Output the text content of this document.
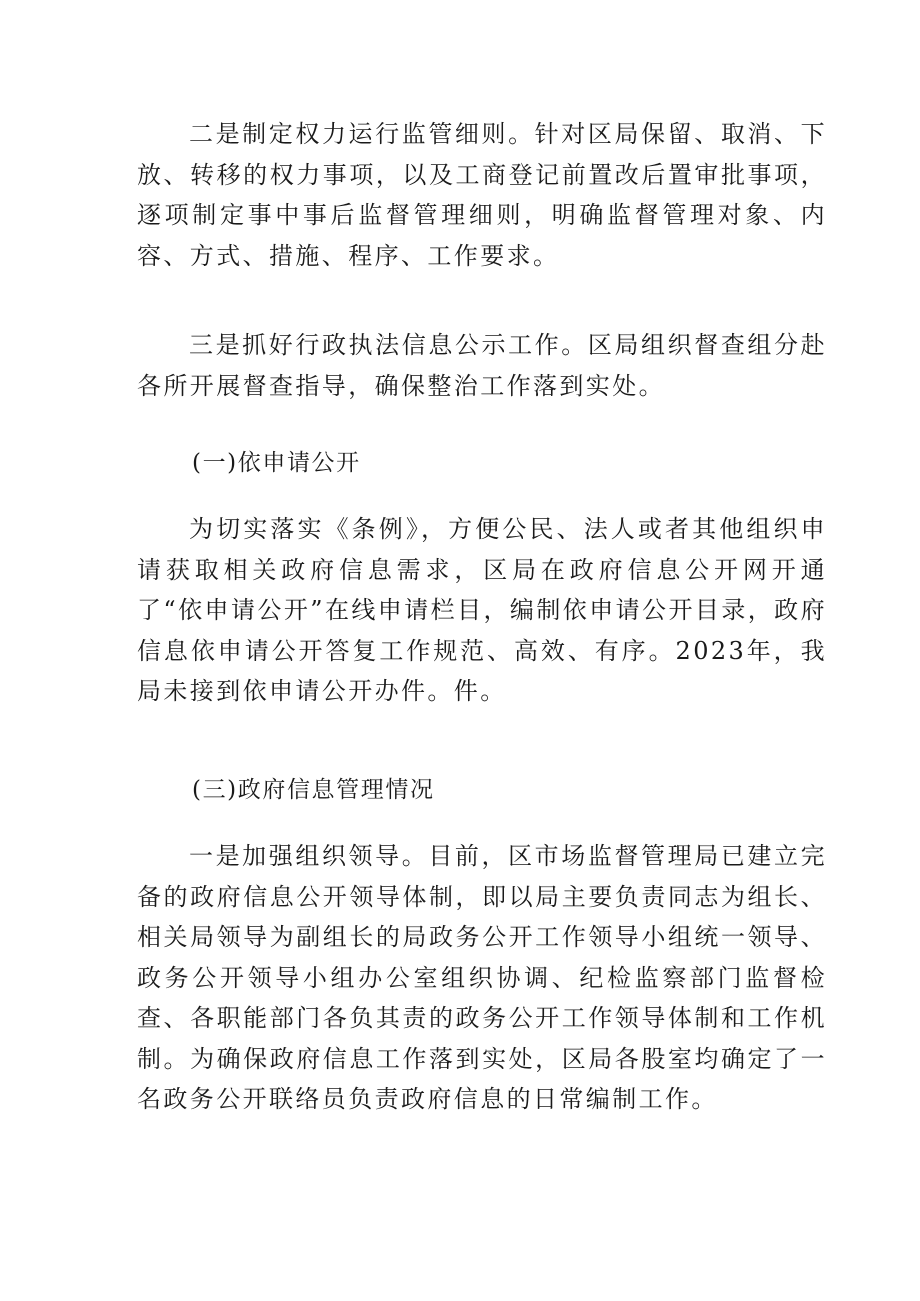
二是制定权力运行监管细则。针对区局保留、取消、下放、转移的权力事项，以及工商登记前置改后置审批事项，逐项制定事中事后监督管理细则，明确监督管理对象、内容、方式、措施、程序、工作要求。

三是抓好行政执法信息公示工作。区局组织督查组分赴各所开展督查指导，确保整治工作落到实处。

(一)依申请公开

为切实落实《条例》，方便公民、法人或者其他组织申请获取相关政府信息需求，区局在政府信息公开网开通了“依申请公开”在线申请栏目，编制依申请公开目录，政府信息依申请公开答复工作规范、高效、有序。2023年，我局未接到依申请公开办件。件。

(三)政府信息管理情况

一是加强组织领导。目前，区市场监督管理局已建立完备的政府信息公开领导体制，即以局主要负责同志为组长、相关局领导为副组长的局政务公开工作领导小组统一领导、政务公开领导小组办公室组织协调、纪检监察部门监督检查、各职能部门各负其责的政务公开工作领导体制和工作机制。为确保政府信息工作落到实处，区局各股室均确定了一名政务公开联络员负责政府信息的日常编制工作。
